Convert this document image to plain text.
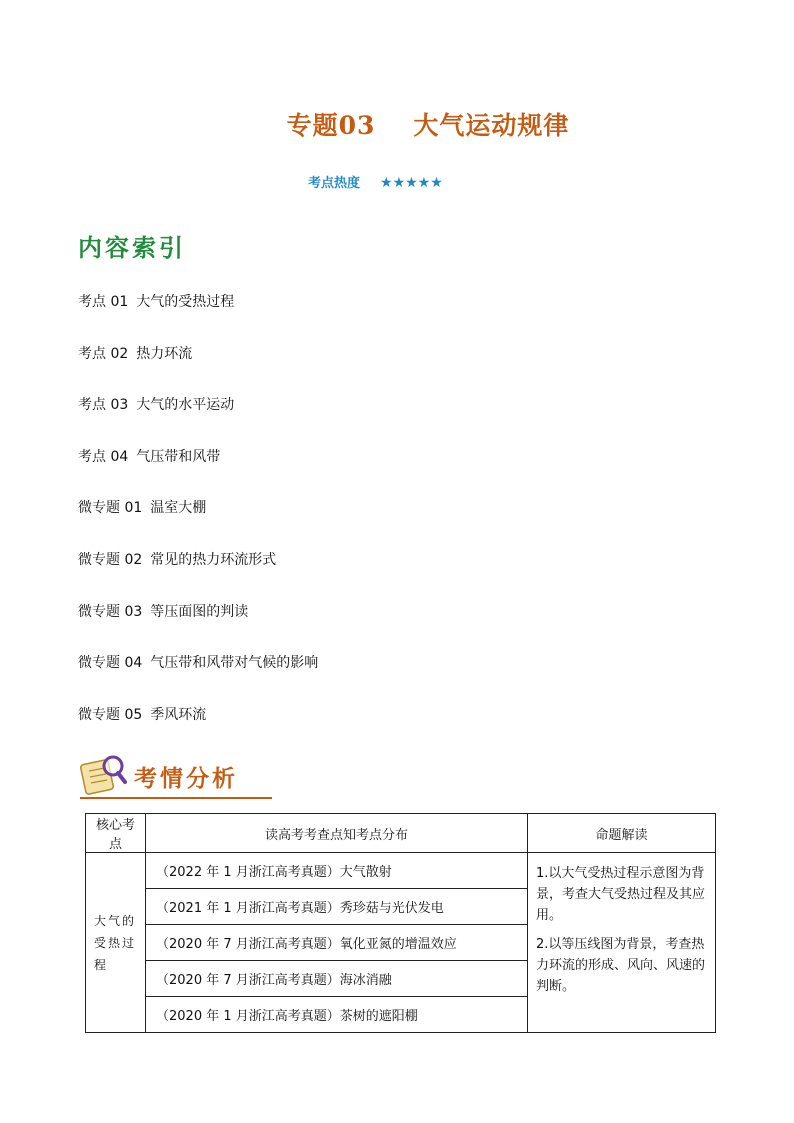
专题03 大气运动规律
考点热度 ★★★★★
内容索引
考点 01 大气的受热过程
考点 02 热力环流
考点 03 大气的水平运动
考点 04 气压带和风带
微专题 01 温室大棚
微专题 02 常见的热力环流形式
微专题 03 等压面图的判读
微专题 04 气压带和风带对气候的影响
微专题 05 季风环流
考情分析
核心考点	读高考考查点知考点分布	命题解读
大气的受热过程	（2022 年 1 月浙江高考真题）大气散射	1.以大气受热过程示意图为背景，考查大气受热过程及其应用。

2.以等压线图为背景，考查热力环流的形成、风向、风速的判断。

	（2021 年 1 月浙江高考真题）秀珍菇与光伏发电	
	（2020 年 7 月浙江高考真题）氧化亚氮的增温效应	
	（2020 年 7 月浙江高考真题）海冰消融	
	（2020 年 1 月浙江高考真题）茶树的遮阳棚	
